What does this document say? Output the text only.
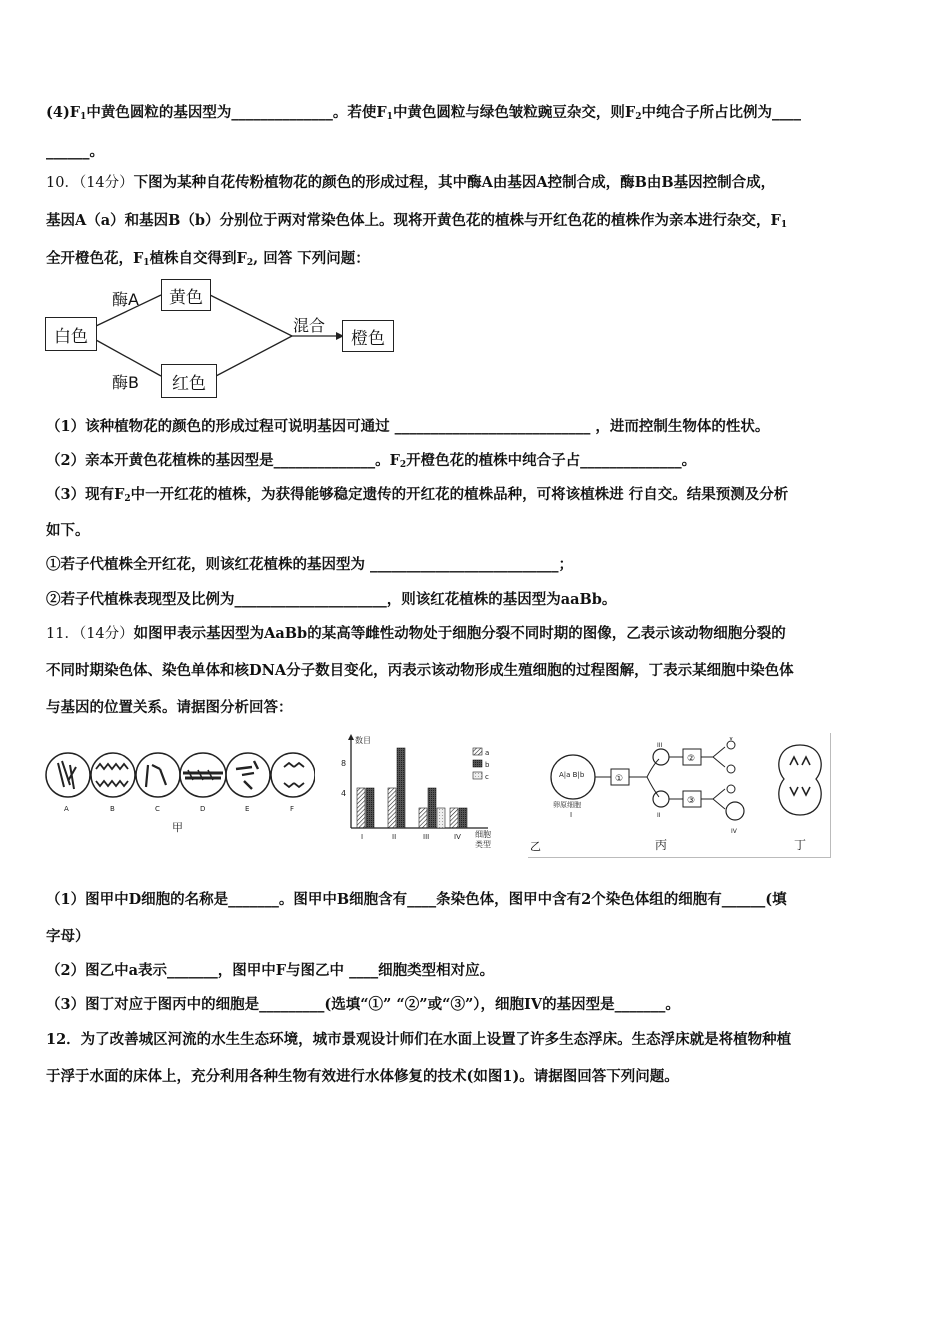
$(4)F_1$中黄色圆粒的基因型为______________。若使$F_1$中黄色圆粒与绿色皱粒豌豆杂交，则$F_2$中纯合子所占比例为____
______。
10．（14分）下图为某种自花传粉植物花的颜色的形成过程，其中酶A由基因A控制合成，酶B由B基因控制合成，
基因A（a）和基因B（b）分别位于两对常染色体上。现将开黄色花的植株与开红色花的植株作为亲本进行杂交，$F_1$
全开橙色花，$F_1$植株自交得到$F_2$, 回答 下列问题：
白色
黄色
红色
橙色
酶A
酶B
混合
（1）该种植物花的颜色的形成过程可说明基因可通过 ___________________________ ，进而控制生物体的性状。
（2）亲本开黄色花植株的基因型是______________。$F_2$开橙色花的植株中纯合子占______________。
（3）现有$F_2$中一开红花的植株，为获得能够稳定遗传的开红花的植株品种，可将该植株进 行自交。结果预测及分析
如下。
①若子代植株全开红花，则该红花植株的基因型为 __________________________；
②若子代植株表现型及比例为_____________________，则该红花植株的基因型为aaBb。
11．（14分）如图甲表示基因型为AaBb的某高等雌性动物处于细胞分裂不同时期的图像，乙表示该动物细胞分裂的
不同时期染色体、染色单体和核DNA分子数目变化，丙表示该动物形成生殖细胞的过程图解，丁表示某细胞中染色体
与基因的位置关系。请据图分析回答：
A	B	C	D	E	F
甲
数目
8
4
I	II	III	IV 细胞
类型
a
b
c
乙
A|a B|b
卵原细胞
I
①
III
II
②
③
V
IV
丙	丁
（1）图甲中D细胞的名称是_______。图甲中B细胞含有____条染色体，图甲中含有2个染色体组的细胞有______(填
字母）
（2）图乙中a表示_______，图甲中F与图乙中 ____细胞类型相对应。
（3）图丁对应于图丙中的细胞是_________(选填“①” “②”或“③”），细胞IV的基因型是_______。
12．为了改善城区河流的水生生态环境，城市景观设计师们在水面上设置了许多生态浮床。生态浮床就是将植物种植
于浮于水面的床体上，充分利用各种生物有效进行水体修复的技术(如图1)。请据图回答下列问题。
